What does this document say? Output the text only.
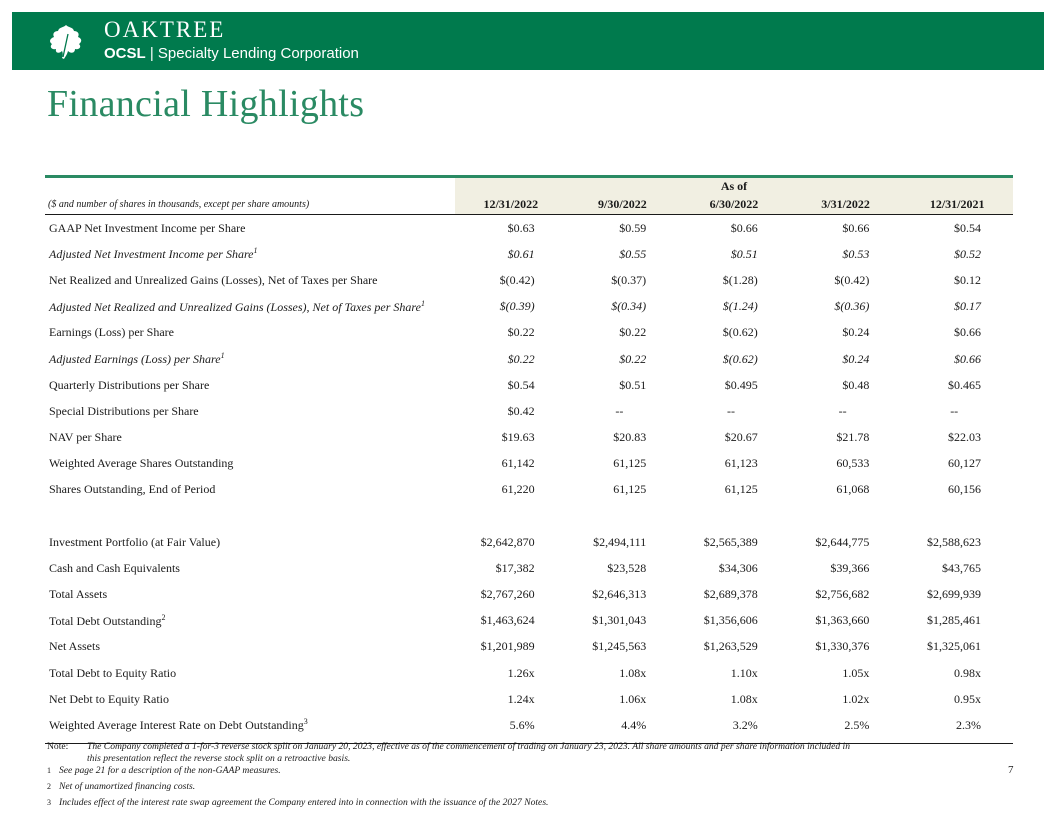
OAKTREE
OCSL | Specialty Lending Corporation
Financial Highlights
	As of				
($ and number of shares in thousands, except per share amounts)	12/31/2022	9/30/2022	6/30/2022	3/31/2022	12/31/2021
GAAP Net Investment Income per Share	$0.63	$0.59	$0.66	$0.66	$0.54
Adjusted Net Investment Income per Share$^1$	$0.61	$0.55	$0.51	$0.53	$0.52
Net Realized and Unrealized Gains (Losses), Net of Taxes per Share	$(0.42)	$(0.37)	$(1.28)	$(0.42)	$0.12
Adjusted Net Realized and Unrealized Gains (Losses), Net of Taxes per Share$^1$	$(0.39)	$(0.34)	$(1.24)	$(0.36)	$0.17
Earnings (Loss) per Share	$0.22	$0.22	$(0.62)	$0.24	$0.66
Adjusted Earnings (Loss) per Share$^1$	$0.22	$0.22	$(0.62)	$0.24	$0.66
Quarterly Distributions per Share	$0.54	$0.51	$0.495	$0.48	$0.465
Special Distributions per Share	$0.42	--	--	--	--
NAV per Share	$19.63	$20.83	$20.67	$21.78	$22.03
Weighted Average Shares Outstanding	61,142	61,125	61,123	60,533	60,127
Shares Outstanding, End of Period	61,220	61,125	61,125	61,068	60,156

Investment Portfolio (at Fair Value)	$2,642,870	$2,494,111	$2,565,389	$2,644,775	$2,588,623
Cash and Cash Equivalents	$17,382	$23,528	$34,306	$39,366	$43,765
Total Assets	$2,767,260	$2,646,313	$2,689,378	$2,756,682	$2,699,939
Total Debt Outstanding$^2$	$1,463,624	$1,301,043	$1,356,606	$1,363,660	$1,285,461
Net Assets	$1,201,989	$1,245,563	$1,263,529	$1,330,376	$1,325,061
Total Debt to Equity Ratio	1.26x	1.08x	1.10x	1.05x	0.98x
Net Debt to Equity Ratio	1.24x	1.06x	1.08x	1.02x	0.95x
Weighted Average Interest Rate on Debt Outstanding$^3$	5.6%	4.4%	3.2%	2.5%	2.3%
Note:	The Company completed a 1-for-3 reverse stock split on January 20, 2023, effective as of the commencement of trading on January 23, 2023. All share amounts and per share information included in
this presentation reflect the reverse stock split on a retroactive basis.
$^1$ See page 21 for a description of the non-GAAP measures.
$^2$ Net of unamortized financing costs.
$^3$ Includes effect of the interest rate swap agreement the Company entered into in connection with the issuance of the 2027 Notes.
7
